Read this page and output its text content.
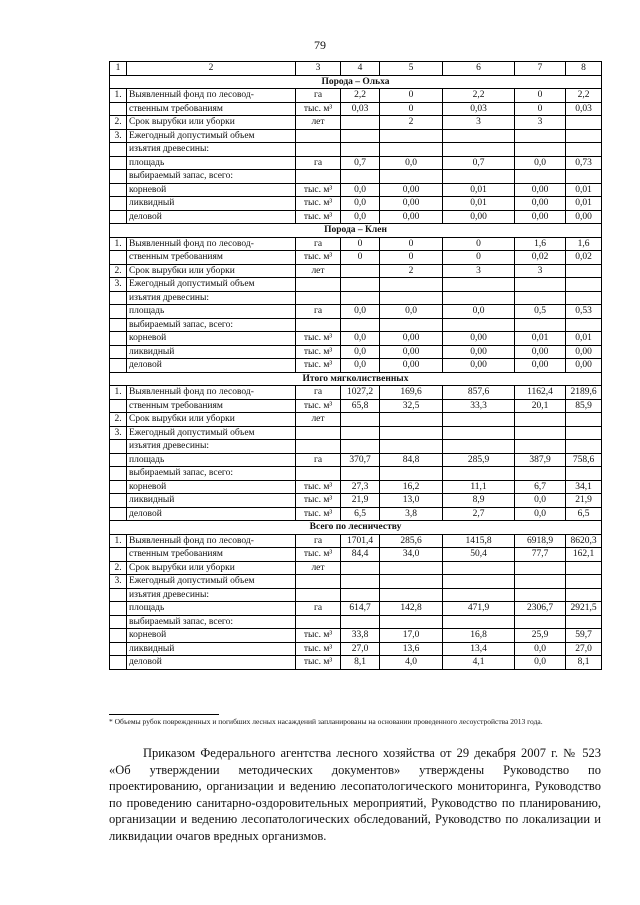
79
1	2	3	4	5	6	7	8
Порода – Ольха							
1.	Выявленный фонд по лесовод-	га	2,2	0	2,2	0	2,2
	ственным требованиям	тыс. м³	0,03	0	0,03	0	0,03
2.	Срок вырубки или уборки	лет		2	3	3	
3.	Ежегодный допустимый объем						
	изъятия древесины:						
	площадь	га	0,7	0,0	0,7	0,0	0,73
	выбираемый запас, всего:						
	корневой	тыс. м³	0,0	0,00	0,01	0,00	0,01
	ликвидный	тыс. м³	0,0	0,00	0,01	0,00	0,01
	деловой	тыс. м³	0,0	0,00	0,00	0,00	0,00
Порода – Клен							
1.	Выявленный фонд по лесовод-	га	0	0	0	1,6	1,6
	ственным требованиям	тыс. м³	0	0	0	0,02	0,02
2.	Срок вырубки или уборки	лет		2	3	3	
3.	Ежегодный допустимый объем						
	изъятия древесины:						
	площадь	га	0,0	0,0	0,0	0,5	0,53
	выбираемый запас, всего:						
	корневой	тыс. м³	0,0	0,00	0,00	0,01	0,01
	ликвидный	тыс. м³	0,0	0,00	0,00	0,00	0,00
	деловой	тыс. м³	0,0	0,00	0,00	0,00	0,00
Итого мягколиственных							
1.	Выявленный фонд по лесовод-	га	1027,2	169,6	857,6	1162,4	2189,6
	ственным требованиям	тыс. м³	65,8	32,5	33,3	20,1	85,9
2.	Срок вырубки или уборки	лет					
3.	Ежегодный допустимый объем						
	изъятия древесины:						
	площадь	га	370,7	84,8	285,9	387,9	758,6
	выбираемый запас, всего:						
	корневой	тыс. м³	27,3	16,2	11,1	6,7	34,1
	ликвидный	тыс. м³	21,9	13,0	8,9	0,0	21,9
	деловой	тыс. м³	6,5	3,8	2,7	0,0	6,5
Всего по лесничеству							
1.	Выявленный фонд по лесовод-	га	1701,4	285,6	1415,8	6918,9	8620,3
	ственным требованиям	тыс. м³	84,4	34,0	50,4	77,7	162,1
2.	Срок вырубки или уборки	лет					
3.	Ежегодный допустимый объем						
	изъятия древесины:						
	площадь	га	614,7	142,8	471,9	2306,7	2921,5
	выбираемый запас, всего:						
	корневой	тыс. м³	33,8	17,0	16,8	25,9	59,7
	ликвидный	тыс. м³	27,0	13,6	13,4	0,0	27,0
	деловой	тыс. м³	8,1	4,0	4,1	0,0	8,1
* Объемы рубок поврежденных и погибших лесных насаждений запланированы на основании проведенного лесоустройства 2013 года.

Приказом Федерального агентства лесного хозяйства от 29 декабря 2007 г. № 523 «Об утверждении методических документов» утверждены Руководство по проектированию, организации и ведению лесопатологического мониторинга, Руководство по проведению санитарно-оздоровительных мероприятий, Руководство по планированию, организации и ведению лесопатологических обследований, Руководство по локализации и ликвидации очагов вредных организмов.
